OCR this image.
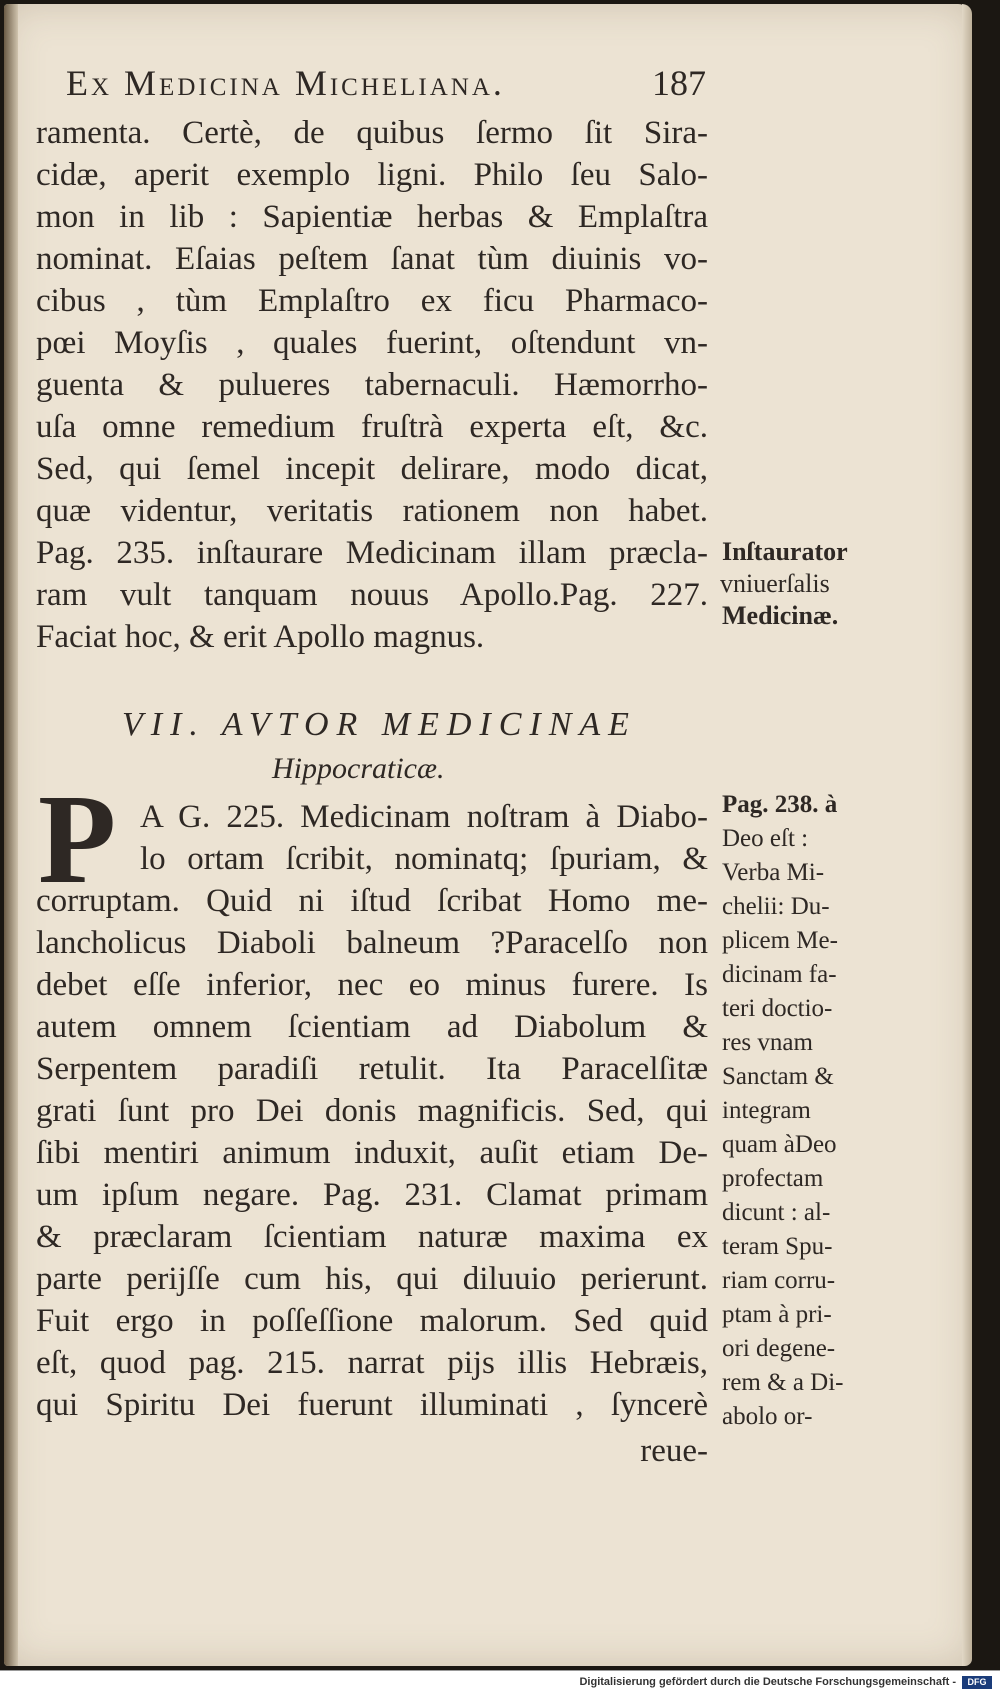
Ex Medicina Micheliana.	187
ramenta. Certè, de quibus ſermo ſit Sira-
cidæ, aperit exemplo ligni. Philo ſeu Salo-
mon in lib : Sapientiæ herbas & Emplaſtra
nominat. Eſaias peſtem ſanat tùm diuinis vo-
cibus , tùm Emplaſtro ex ficu Pharmaco-
pœi Moyſis , quales fuerint, oſtendunt vn-
guenta & pulueres tabernaculi. Hæmorrho-
uſa omne remedium fruſtrà experta eſt, &c.
Sed, qui ſemel incepit delirare, modo dicat,
quæ videntur, veritatis rationem non habet.
Pag. 235. inſtaurare Medicinam illam præcla-
ram vult tanquam nouus Apollo.Pag. 227.
Faciat hoc, & erit Apollo magnus.
Inſtaurator
vniuerſalis
Medicinæ.
VII. AVTOR MEDICINAE
Hippocraticæ.
P A G. 225. Medicinam noſtram à Diabo-
lo ortam ſcribit, nominatq; ſpuriam, &
corruptam. Quid ni iſtud ſcribat Homo me-
lancholicus Diaboli balneum ?Paracelſo non
debet eſſe inferior, nec eo minus furere. Is
autem omnem ſcientiam ad Diabolum &
Serpentem paradiſi retulit. Ita Paracelſitæ
grati ſunt pro Dei donis magnificis. Sed, qui
ſibi mentiri animum induxit, auſit etiam De-
um ipſum negare. Pag. 231. Clamat primam
& præclaram ſcientiam naturæ maxima ex
parte perijſſe cum his, qui diluuio perierunt.
Fuit ergo in poſſeſſione malorum. Sed quid
eſt, quod pag. 215. narrat pijs illis Hebræis,
qui Spiritu Dei fuerunt illuminati , ſyncerè
reue-
Pag. 238. à
Deo eſt :
Verba Mi-
chelii: Du-
plicem Me-
dicinam fa-
teri doctio-
res vnam
Sanctam &
integram
quam àDeo
profectam
dicunt : al-
teram Spu-
riam corru-
ptam à pri-
ori degene-
rem & a Di-
abolo or-
Digitalisierung gefördert durch die Deutsche Forschungsgemeinschaft -	DFG
